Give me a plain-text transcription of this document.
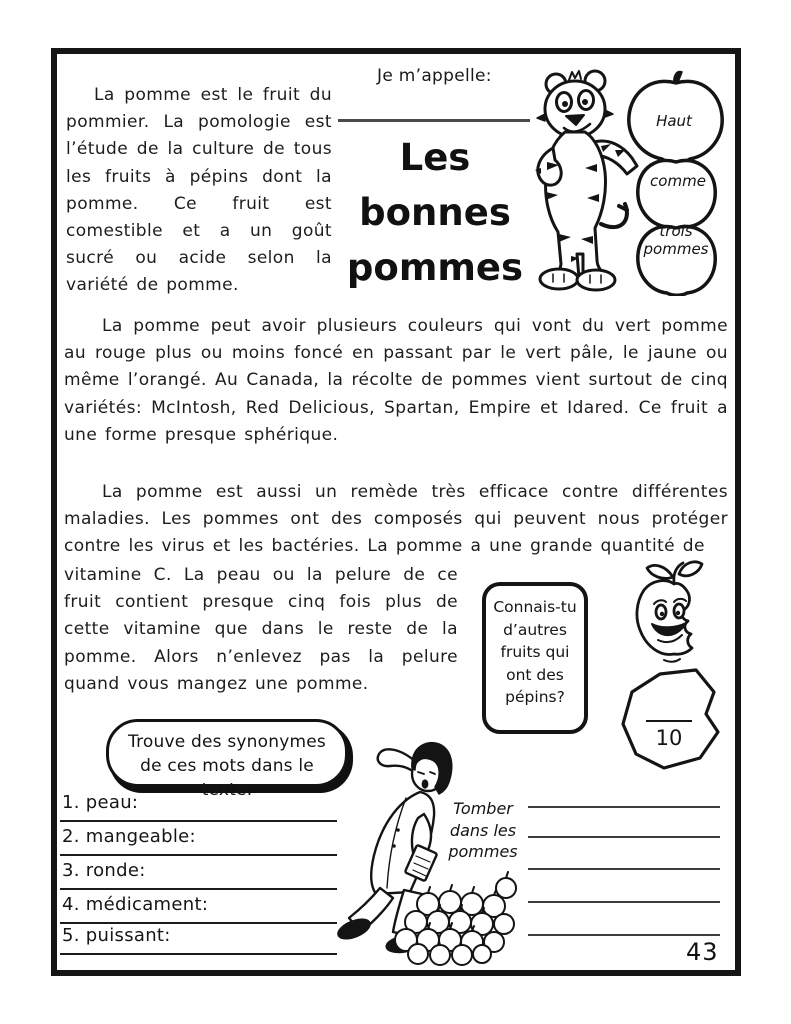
La pomme est le fruit du pommier. La pomologie est l’étude de la culture de tous les fruits à pépins dont la pomme. Ce fruit est comestible et a un goût sucré ou acide selon la variété de pomme.
Je m’appelle:
Les
bonnes
pommes
Haut
comme
trois pommes
La pomme peut avoir plusieurs couleurs qui vont du vert pomme au rouge plus ou moins foncé en passant par le vert pâle, le jaune ou même l’orangé. Au Canada, la récolte de pommes vient surtout de cinq variétés: McIntosh, Red Delicious, Spartan, Empire et Idared. Ce fruit a une forme presque sphérique.
La pomme est aussi un remède très efficace contre différentes maladies. Les pommes ont des composés qui peuvent nous protéger contre les virus et les bactéries. La pomme a une grande quantité de
vitamine C. La peau ou la pelure de ce fruit contient presque cinq fois plus de cette vitamine que dans le reste de la pomme. Alors n’enlevez pas la pelure quand vous mangez une pomme.
Connais-tu
d’autres
fruits qui
ont des
pépins?
10
Trouve des synonymes de ces mots dans le texte.
1. peau:
2. mangeable:
3. ronde:
4. médicament:
5. puissant:
Tomber
dans les
pommes
43
